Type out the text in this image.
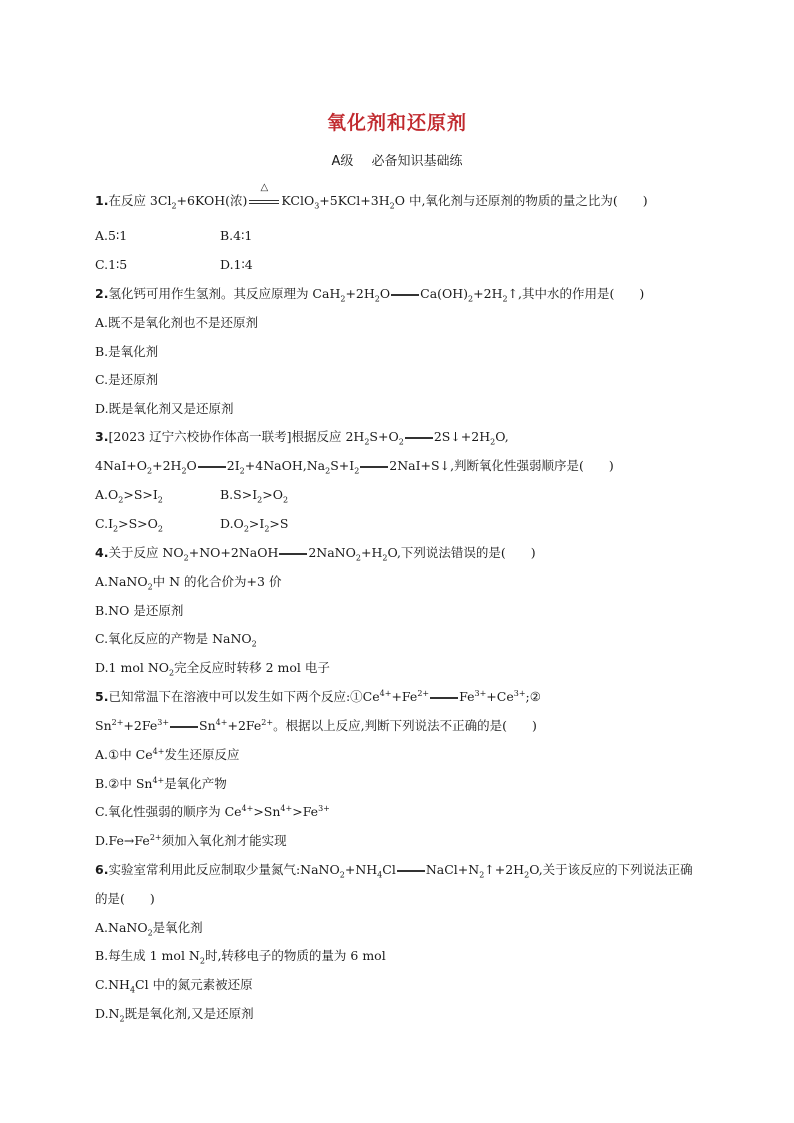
氧化剂和还原剂
A级 必备知识基础练
1.在反应 $3Cl_2+6KOH$(浓)
△
$KClO_3+5KCl+3H_2O$ 中,氧化剂与还原剂的物质的量之比为(　　)
A.5∶1	B.4∶1
C.1∶5	D.1∶4
2.氢化钙可用作生氢剂。其反应原理为 $CaH_2+2H_2O$ $Ca(OH)_2+2H_2↑$,其中水的作用是(　　)
A.既不是氧化剂也不是还原剂
B.是氧化剂
C.是还原剂
D.既是氧化剂又是还原剂
3.[2023 辽宁六校协作体高一联考]根据反应 $2H_2S+O_2$ $2S↓+2H_2O$,
$4NaI+O_2+2H_2O$ $2I_2+4NaOH,Na_2S+I_2$ 2NaI+S↓,判断氧化性强弱顺序是(　　)
$A.O_2>S>I_2$	$B.S>I_2>O_2$
$C.I_2>S>O_2$	$D.O_2>I_2>S$
4.关于反应 $NO_2+NO+2NaOH$ $2NaNO_2+H_2O$,下列说法错误的是(　　)
A.NaNO$_2$中 N 的化合价为+3 价
B.NO 是还原剂
C.氧化反应的产物是 NaNO$_2$
D.1 mol $NO_2$完全反应时转移 2 mol 电子
5.已知常温下在溶液中可以发生如下两个反应$:①Ce^{4+}+Fe^{2+}$ $Fe^{3+}+Ce^{3+};②$
$Sn^{2+}+2Fe^{3+}$ $Sn^{4+}+2Fe^{2+}$。根据以上反应,判断下列说法不正确的是(　　)
A.①中 $Ce^{4+}$发生还原反应
B.②中 $Sn^{4+}$是氧化产物
C.氧化性强弱的顺序为 $Ce^{4+}>Sn^{4+}>Fe^{3+}$
$D.Fe\to Fe^{2+}$须加入氧化剂才能实现
6.实验室常利用此反应制取少量氮气$:NaNO_2+NH_4Cl$ $NaCl+N_2↑+2H_2O$,关于该反应的下列说法正确
的是(　　)
A.NaNO$_2$是氧化剂
B.每生成 1 mol $N_2$时,转移电子的物质的量为 6 mol
$C.NH_4Cl$ 中的氮元素被还原
$D.N_2$既是氧化剂,又是还原剂
